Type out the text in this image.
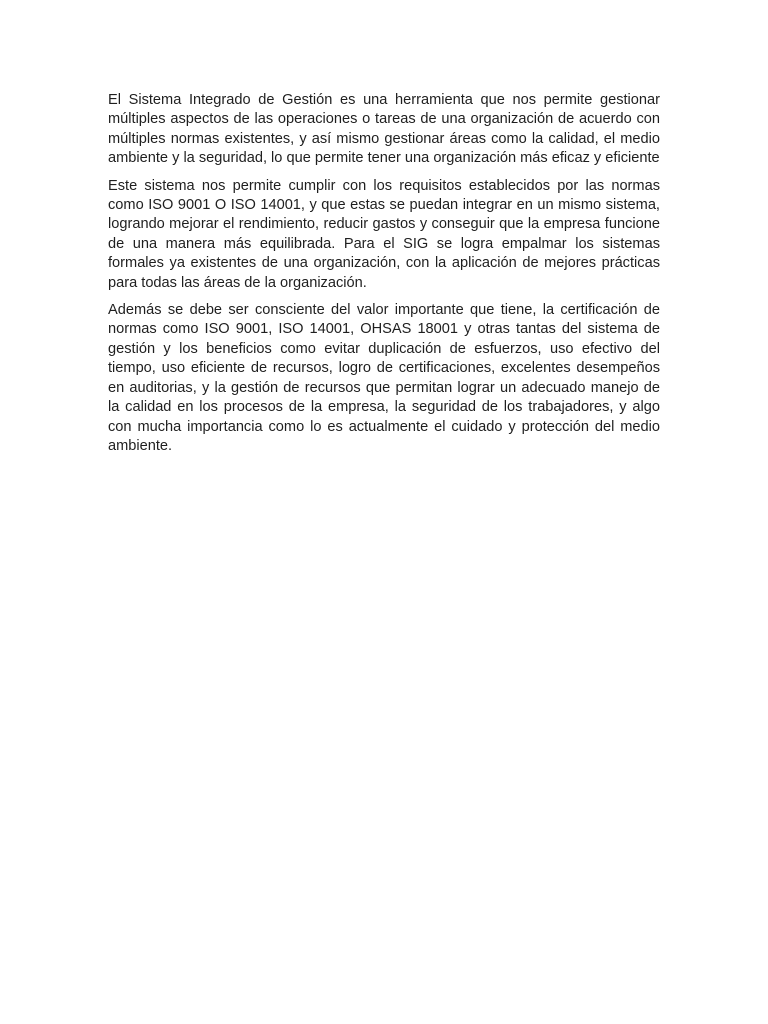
El Sistema Integrado de Gestión es una herramienta que nos permite gestionar múltiples aspectos de las operaciones o tareas de una organización de acuerdo con múltiples normas existentes, y así mismo gestionar áreas como la calidad, el medio ambiente y la seguridad, lo que permite tener una organización más eficaz y eficiente

Este sistema nos permite cumplir con los requisitos establecidos por las normas como ISO 9001 O ISO 14001, y que estas se puedan integrar en un mismo sistema, logrando mejorar el rendimiento, reducir gastos y conseguir que la empresa funcione de una manera más equilibrada. Para el SIG se logra empalmar los sistemas formales ya existentes de una organización, con la aplicación de mejores prácticas para todas las áreas de la organización.

Además se debe ser consciente del valor importante que tiene, la certificación de normas como ISO 9001, ISO 14001, OHSAS 18001 y otras tantas del sistema de gestión y los beneficios como evitar duplicación de esfuerzos, uso efectivo del tiempo, uso eficiente de recursos, logro de certificaciones, excelentes desempeños en auditorias, y la gestión de recursos que permitan lograr un adecuado manejo de la calidad en los procesos de la empresa, la seguridad de los trabajadores, y algo con mucha importancia como lo es actualmente el cuidado y protección del medio ambiente.
